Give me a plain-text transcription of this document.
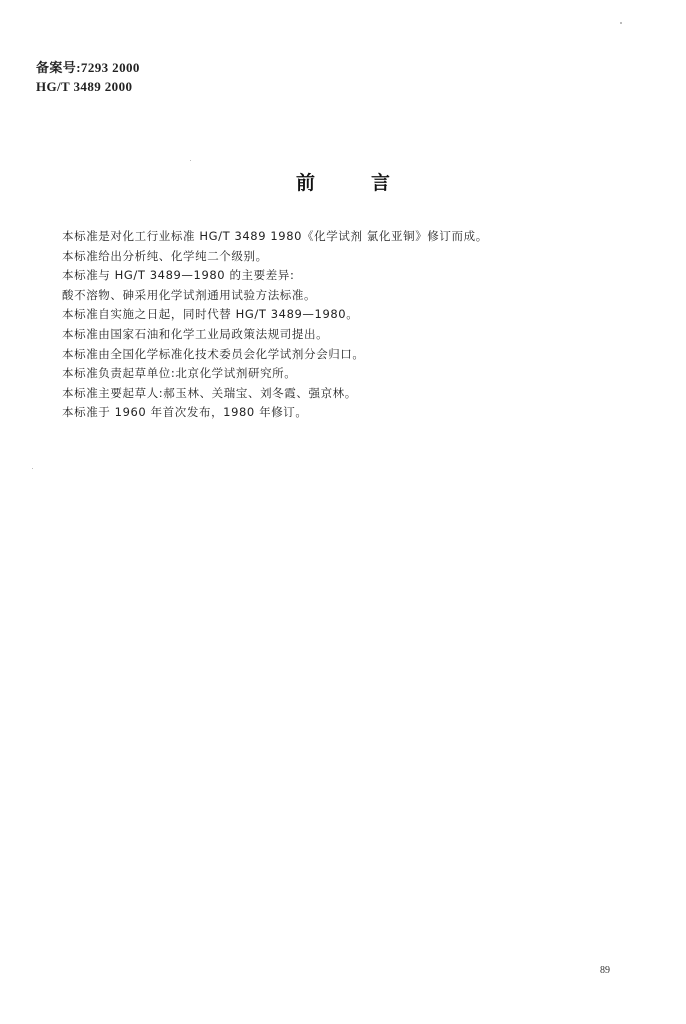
备案号:7293 2000
HG/T 3489 2000
前言
本标准是对化工行业标准 HG/T 3489 1980《化学试剂 氯化亚铜》修订而成。
本标准给出分析纯、化学纯二个级别。
本标准与 HG/T 3489—1980 的主要差异:
酸不溶物、砷采用化学试剂通用试验方法标准。
本标准自实施之日起，同时代替 HG/T 3489—1980。
本标准由国家石油和化学工业局政策法规司提出。
本标准由全国化学标准化技术委员会化学试剂分会归口。
本标准负责起草单位:北京化学试剂研究所。
本标准主要起草人:郝玉林、关瑞宝、刘冬霞、强京林。
本标准于 1960 年首次发布，1980 年修订。
89
